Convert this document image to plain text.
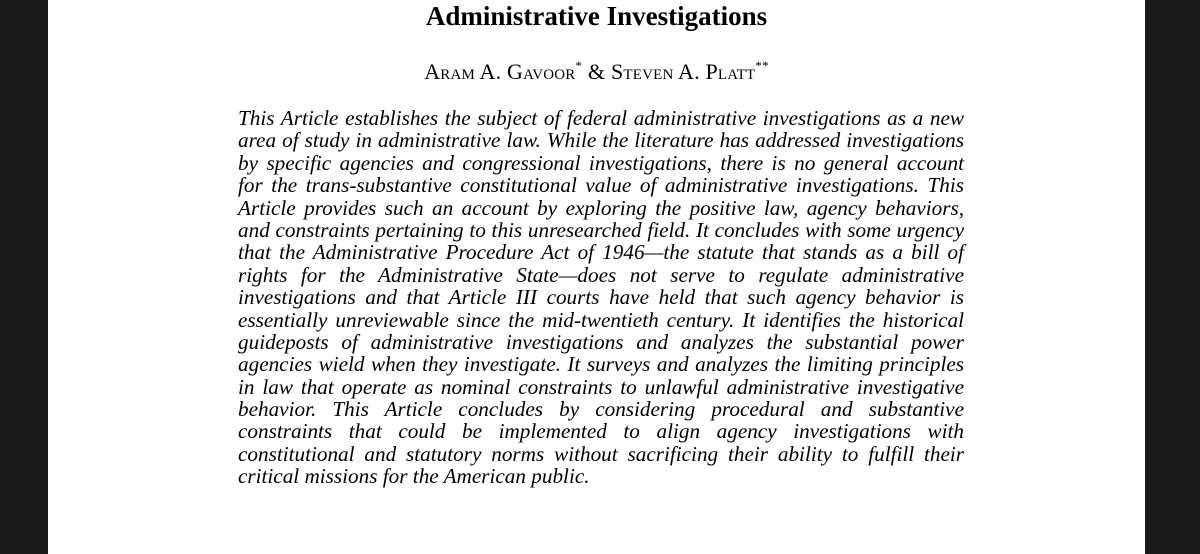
Administrative Investigations
Aram A. Gavoor* & Steven A. Platt**
This Article establishes the subject of federal administrative investigations as a new
area of study in administrative law. While the literature has addressed investigations
by specific agencies and congressional investigations, there is no general account
for the trans-substantive constitutional value of administrative investigations. This
Article provides such an account by exploring the positive law, agency behaviors,
and constraints pertaining to this unresearched field. It concludes with some urgency
that the Administrative Procedure Act of 1946—the statute that stands as a bill of
rights for the Administrative State—does not serve to regulate administrative
investigations and that Article III courts have held that such agency behavior is
essentially unreviewable since the mid-twentieth century. It identifies the historical
guideposts of administrative investigations and analyzes the substantial power
agencies wield when they investigate. It surveys and analyzes the limiting principles
in law that operate as nominal constraints to unlawful administrative investigative
behavior. This Article concludes by considering procedural and substantive
constraints that could be implemented to align agency investigations with
constitutional and statutory norms without sacrificing their ability to fulfill their
critical missions for the American public.
